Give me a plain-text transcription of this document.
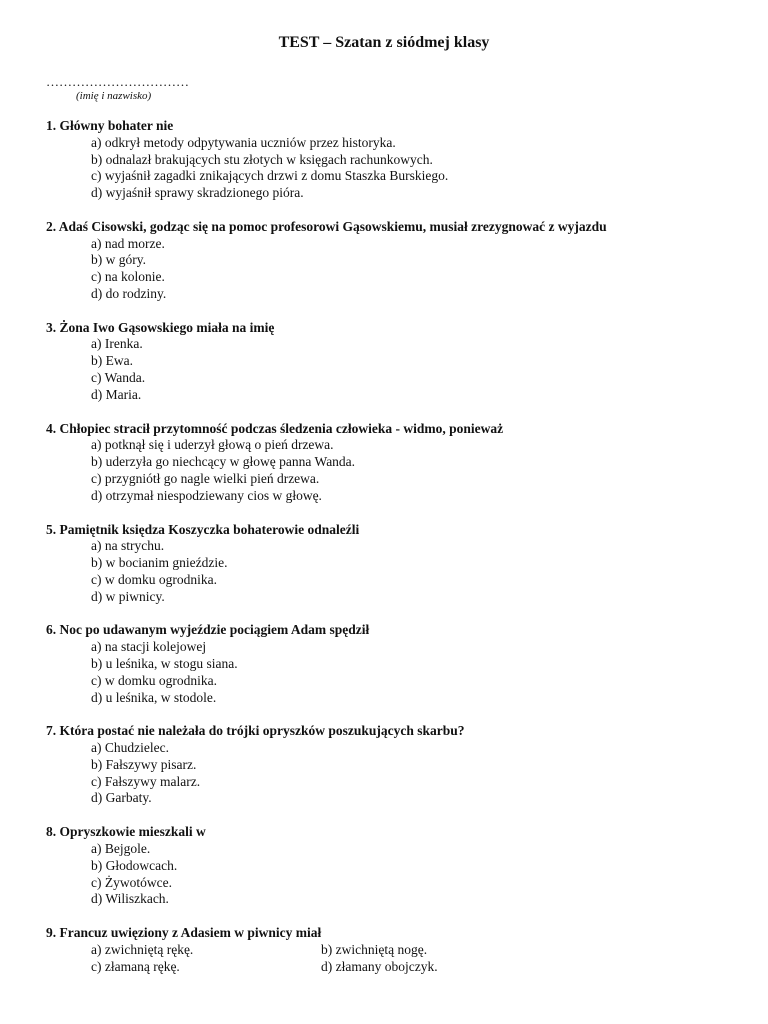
TEST – Szatan z siódmej klasy
……………………………
(imię i nazwisko)
1. Główny bohater nie
a) odkrył metody odpytywania uczniów przez historyka.
b) odnalazł brakujących stu złotych w księgach rachunkowych.
c) wyjaśnił zagadki znikających drzwi z domu Staszka Burskiego.
d) wyjaśnił sprawy skradzionego pióra.
2. Adaś Cisowski, godząc się na pomoc profesorowi Gąsowskiemu, musiał zrezygnować z wyjazdu
a) nad morze.
b) w góry.
c) na kolonie.
d) do rodziny.
3. Żona Iwo Gąsowskiego miała na imię
a) Irenka.
b) Ewa.
c) Wanda.
d) Maria.
4. Chłopiec stracił przytomność podczas śledzenia człowieka - widmo, ponieważ
a) potknął się i uderzył głową o pień drzewa.
b) uderzyła go niechcący w głowę panna Wanda.
c) przygniótł go nagle wielki pień drzewa.
d) otrzymał niespodziewany cios w głowę.
5. Pamiętnik księdza Koszyczka bohaterowie odnaleźli
a) na strychu.
b) w bocianim gnieździe.
c) w domku ogrodnika.
d) w piwnicy.
6. Noc po udawanym wyjeździe pociągiem Adam spędził
a) na stacji kolejowej
b) u leśnika, w stogu siana.
c) w domku ogrodnika.
d) u leśnika, w stodole.
7. Która postać nie należała do trójki opryszków poszukujących skarbu?
a) Chudzielec.
b) Fałszywy pisarz.
c) Fałszywy malarz.
d) Garbaty.
8. Opryszkowie mieszkali w
a) Bejgole.
b) Głodowcach.
c) Żywotówce.
d) Wiliszkach.
9. Francuz uwięziony z Adasiem w piwnicy miał
a) zwichniętą rękę.	b) zwichniętą nogę.
c) złamaną rękę.	d) złamany obojczyk.
